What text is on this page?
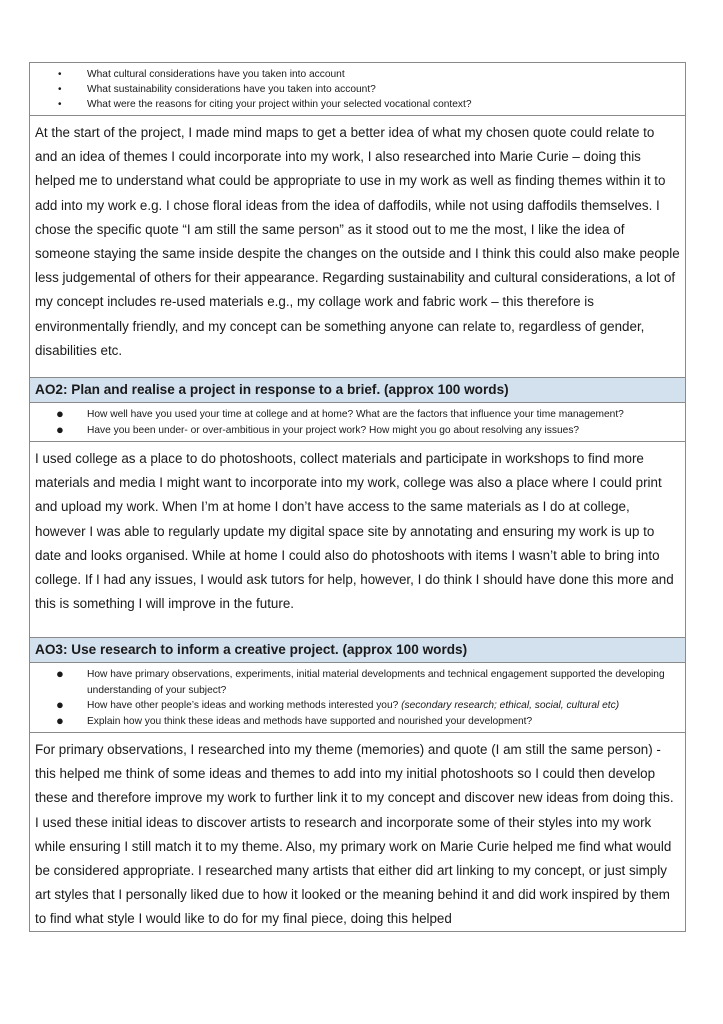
• What cultural considerations have you taken into account
• What sustainability considerations have you taken into account?
• What were the reasons for citing your project within your selected vocational context?

At the start of the project, I made mind maps to get a better idea of what my chosen quote could relate to and an idea of themes I could incorporate into my work, I also researched into Marie Curie – doing this helped me to understand what could be appropriate to use in my work as well as finding themes within it to add into my work e.g. I chose floral ideas from the idea of daffodils, while not using daffodils themselves. I chose the specific quote “I am still the same person” as it stood out to me the most, I like the idea of someone staying the same inside despite the changes on the outside and I think this could also make people less judgemental of others for their appearance. Regarding sustainability and cultural considerations, a lot of my concept includes re-used materials e.g., my collage work and fabric work – this therefore is environmentally friendly, and my concept can be something anyone can relate to, regardless of gender, disabilities etc.

AO2: Plan and realise a project in response to a brief. (approx 100 words)
● How well have you used your time at college and at home? What are the factors that influence your time management?
● Have you been under- or over-ambitious in your project work? How might you go about resolving any issues?

I used college as a place to do photoshoots, collect materials and participate in workshops to find more materials and media I might want to incorporate into my work, college was also a place where I could print and upload my work. When I’m at home I don’t have access to the same materials as I do at college, however I was able to regularly update my digital space site by annotating and ensuring my work is up to date and looks organised. While at home I could also do photoshoots with items I wasn’t able to bring into college. If I had any issues, I would ask tutors for help, however, I do think I should have done this more and this is something I will improve in the future.

AO3: Use research to inform a creative project. (approx 100 words)
● How have primary observations, experiments, initial material developments and technical engagement supported the developing understanding of your subject?
● How have other people’s ideas and working methods interested you? (secondary research; ethical, social, cultural etc)
● Explain how you think these ideas and methods have supported and nourished your development?

For primary observations, I researched into my theme (memories) and quote (I am still the same person) - this helped me think of some ideas and themes to add into my initial photoshoots so I could then develop these and therefore improve my work to further link it to my concept and discover new ideas from doing this. I used these initial ideas to discover artists to research and incorporate some of their styles into my work while ensuring I still match it to my theme. Also, my primary work on Marie Curie helped me find what would be considered appropriate. I researched many artists that either did art linking to my concept, or just simply art styles that I personally liked due to how it looked or the meaning behind it and did work inspired by them to find what style I would like to do for my final piece, doing this helped
